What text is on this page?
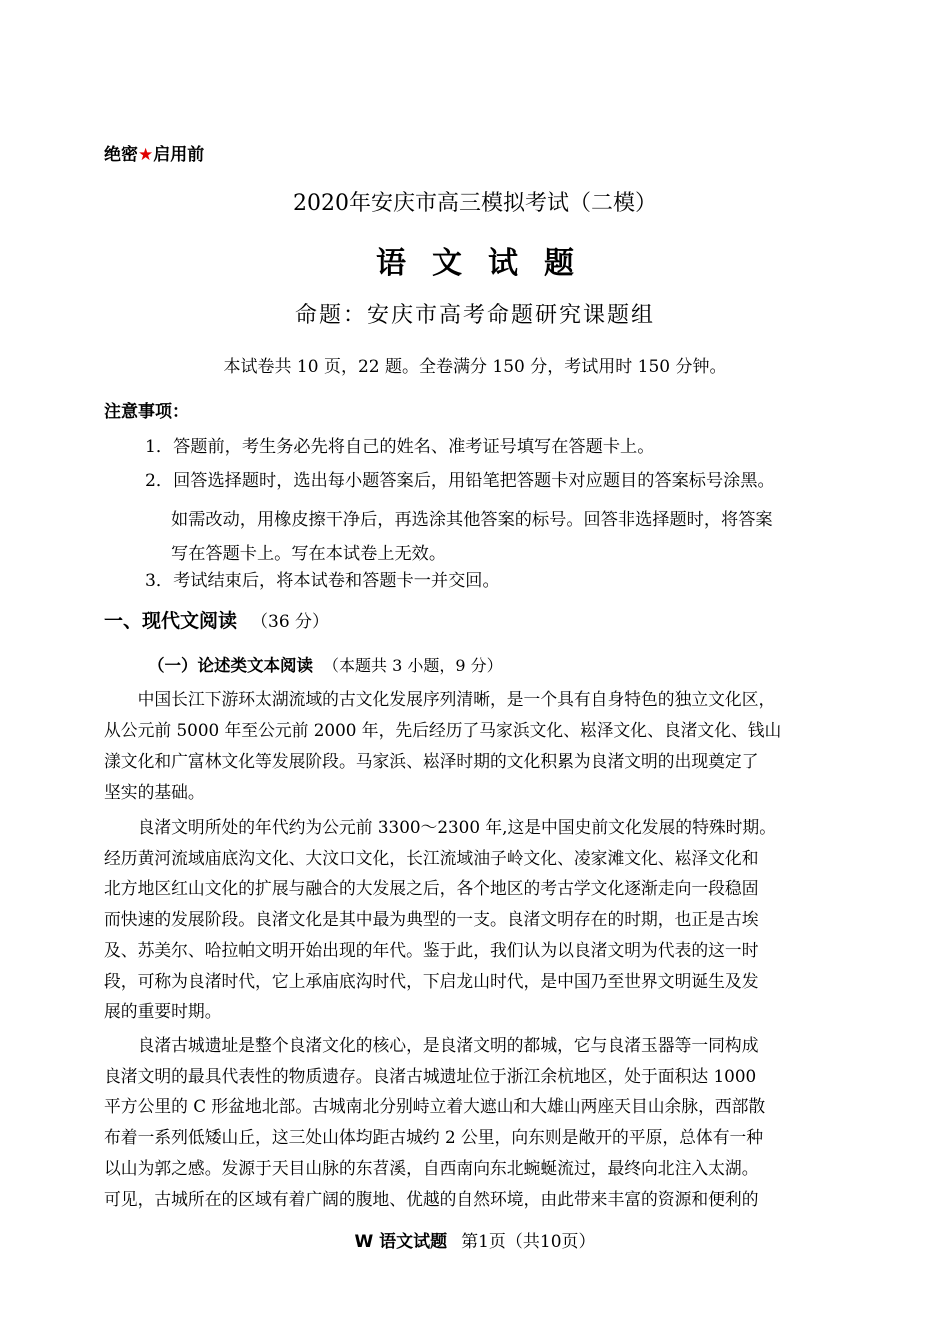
绝密★启用前
2020年安庆市高三模拟考试（二模）
语文试题
命题：安庆市高考命题研究课题组
本试卷共 10 页，22 题。全卷满分 150 分，考试用时 150 分钟。
注意事项：
1．答题前，考生务必先将自己的姓名、准考证号填写在答题卡上。
2．回答选择题时，选出每小题答案后，用铅笔把答题卡对应题目的答案标号涂黑。
如需改动，用橡皮擦干净后，再选涂其他答案的标号。回答非选择题时，将答案
写在答题卡上。写在本试卷上无效。
3．考试结束后，将本试卷和答题卡一并交回。
一、现代文阅读 （36 分）
（一）论述类文本阅读 （本题共 3 小题，9 分）
　　中国长江下游环太湖流域的古文化发展序列清晰，是一个具有自身特色的独立文化区，
从公元前 5000 年至公元前 2000 年，先后经历了马家浜文化、崧泽文化、良渚文化、钱山
漾文化和广富林文化等发展阶段。马家浜、崧泽时期的文化积累为良渚文明的出现奠定了
坚实的基础。
　　良渚文明所处的年代约为公元前 3300～2300 年,这是中国史前文化发展的特殊时期。
经历黄河流域庙底沟文化、大汶口文化，长江流域油子岭文化、凌家滩文化、崧泽文化和
北方地区红山文化的扩展与融合的大发展之后，各个地区的考古学文化逐渐走向一段稳固
而快速的发展阶段。良渚文化是其中最为典型的一支。良渚文明存在的时期，也正是古埃
及、苏美尔、哈拉帕文明开始出现的年代。鉴于此，我们认为以良渚文明为代表的这一时
段，可称为良渚时代，它上承庙底沟时代，下启龙山时代，是中国乃至世界文明诞生及发
展的重要时期。
　　良渚古城遗址是整个良渚文化的核心，是良渚文明的都城，它与良渚玉器等一同构成
良渚文明的最具代表性的物质遗存。良渚古城遗址位于浙江余杭地区，处于面积达 1000
平方公里的 C 形盆地北部。古城南北分别峙立着大遮山和大雄山两座天目山余脉，西部散
布着一系列低矮山丘，这三处山体均距古城约 2 公里，向东则是敞开的平原，总体有一种
以山为郭之感。发源于天目山脉的东苕溪，自西南向东北蜿蜒流过，最终向北注入太湖。
可见，古城所在的区域有着广阔的腹地、优越的自然环境，由此带来丰富的资源和便利的
W 语文试题 第1页（共10页）
